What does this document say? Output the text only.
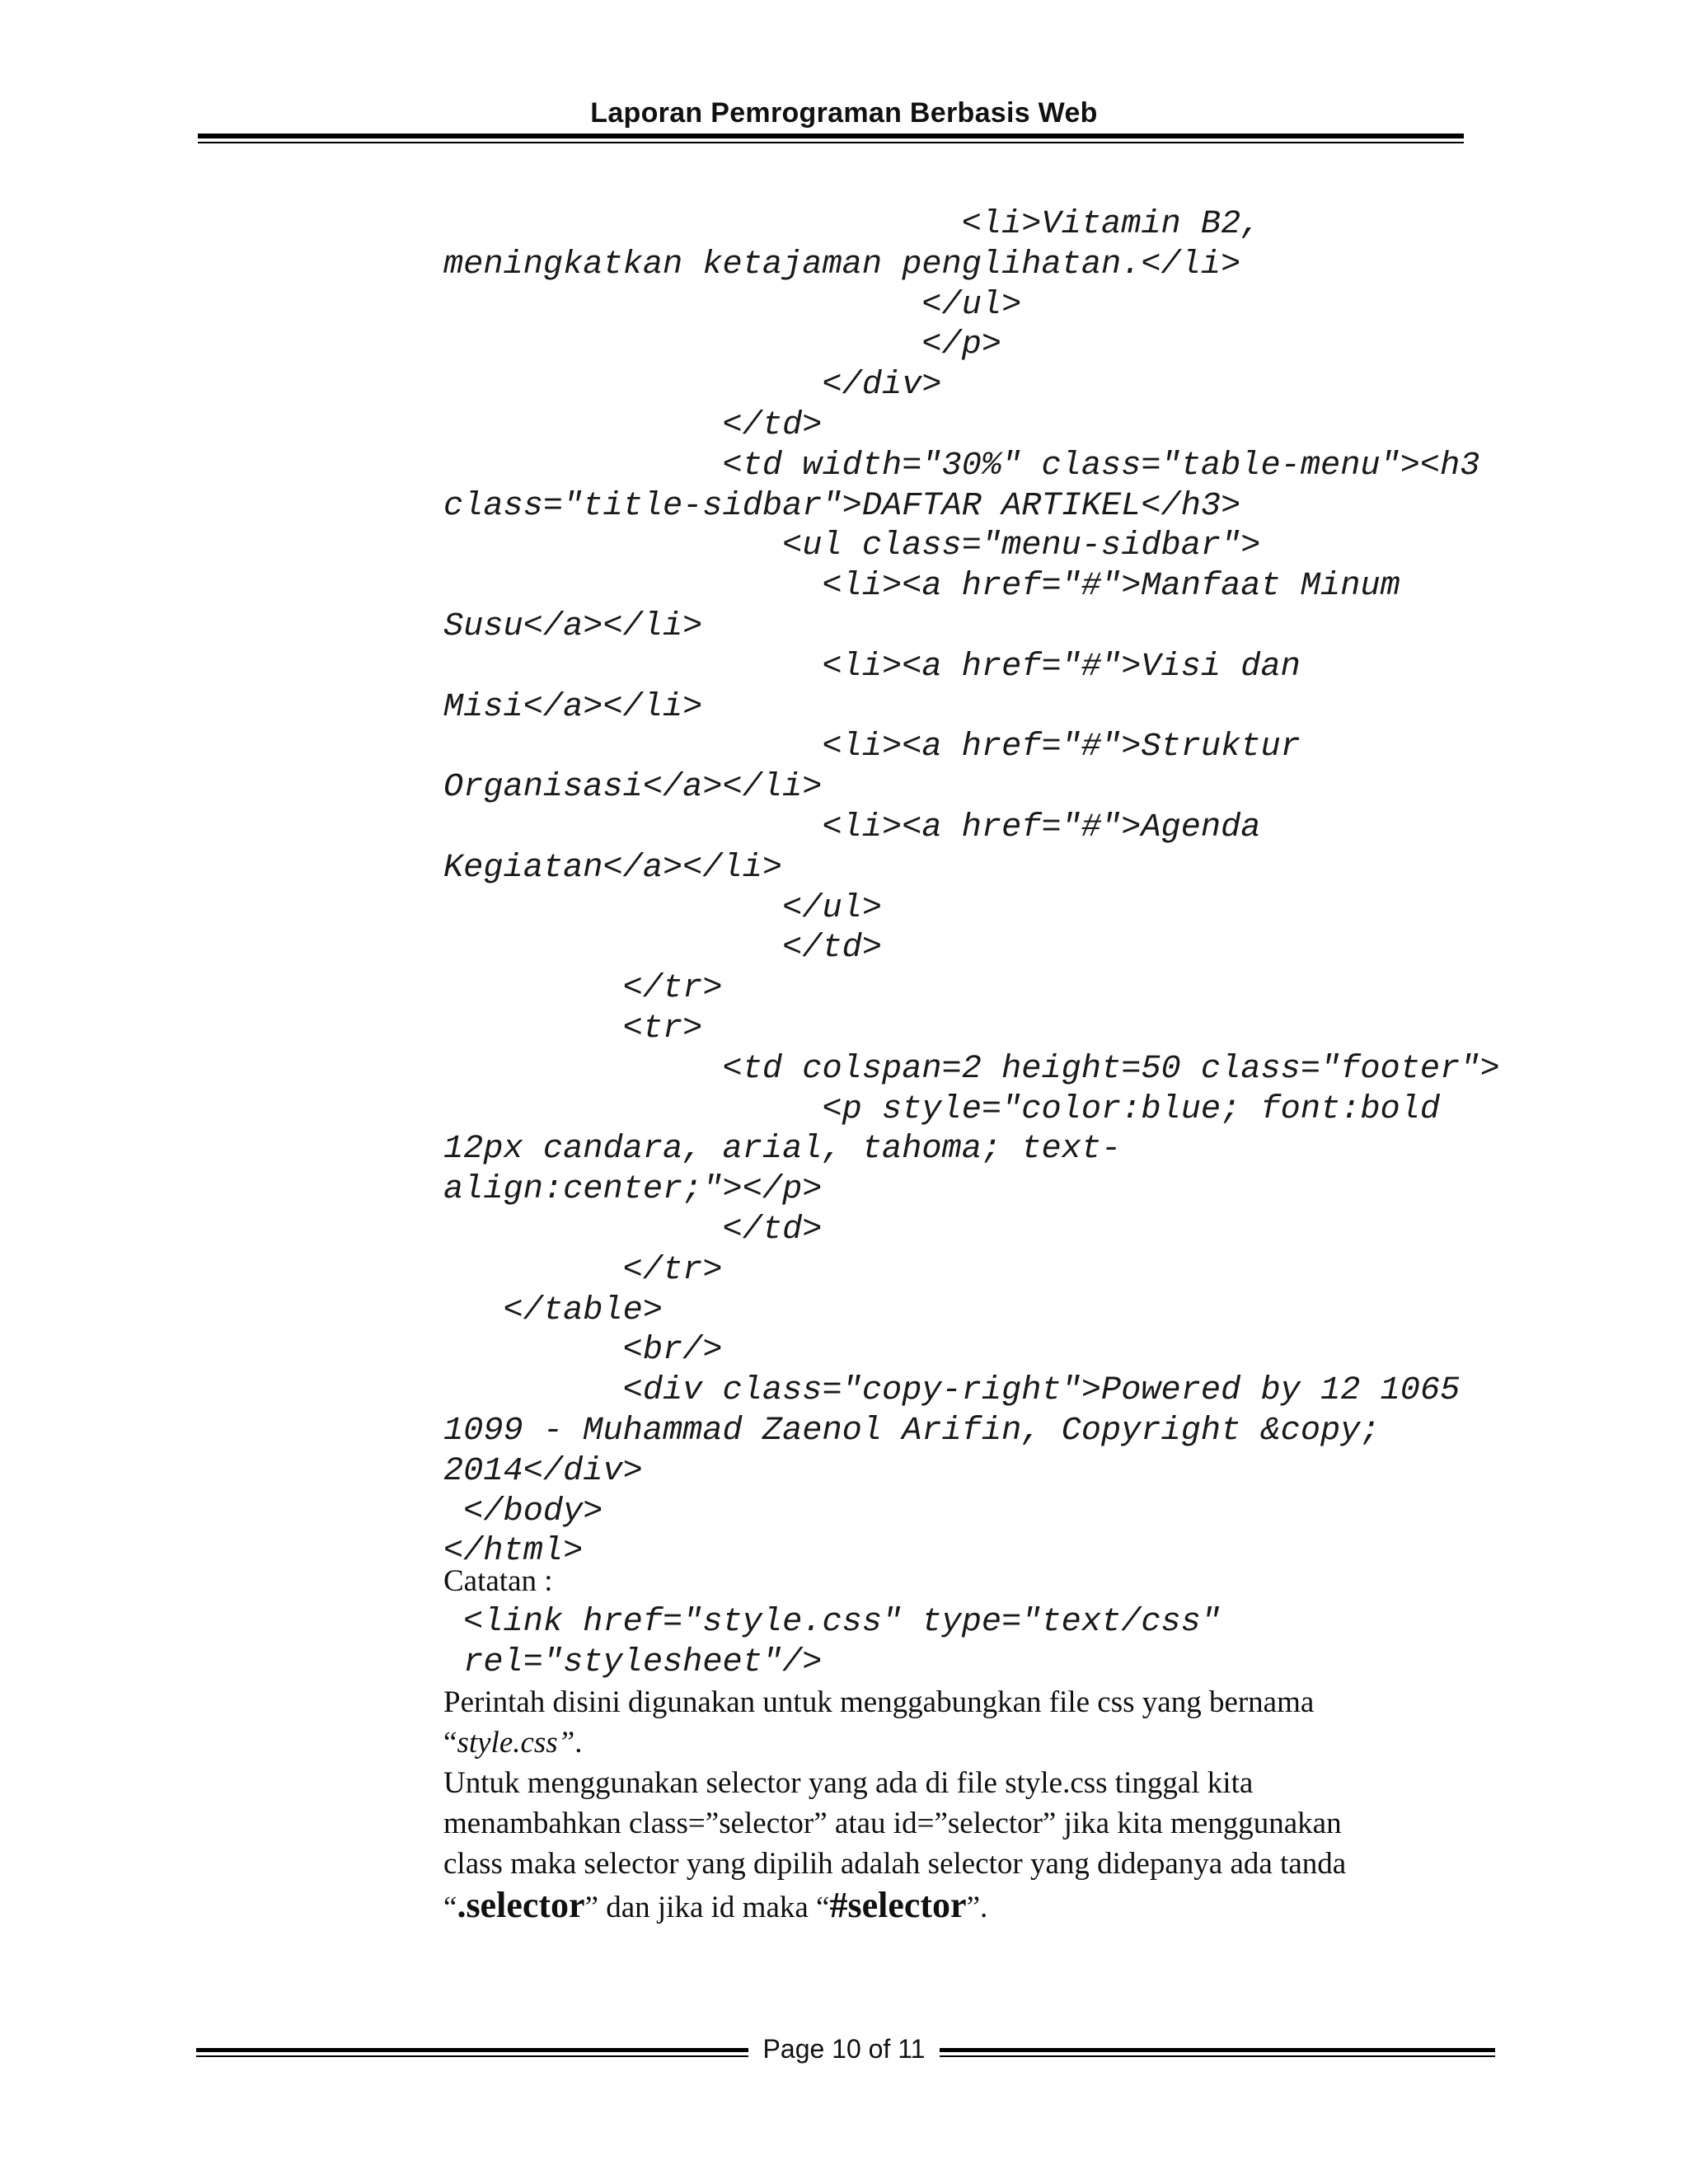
Laporan Pemrograman Berbasis Web
<li>Vitamin B2,
meningkatkan ketajaman penglihatan.</li>
</ul>
</p>
</div>
</td>
<td width="30%" class="table-menu"><h3
class="title-sidbar">DAFTAR ARTIKEL</h3>
<ul class="menu-sidbar">
<li><a href="#">Manfaat Minum
Susu</a></li>
<li><a href="#">Visi dan
Misi</a></li>
<li><a href="#">Struktur
Organisasi</a></li>
<li><a href="#">Agenda
Kegiatan</a></li>
</ul>
</td>
</tr>
<tr>
<td colspan=2 height=50 class="footer">
<p style="color:blue; font:bold
12px candara, arial, tahoma; text-
align:center;"></p>
</td>
</tr>
</table>
<br/>
<div class="copy-right">Powered by 12 1065
1099 - Muhammad Zaenol Arifin, Copyright &copy;
2014</div>
</body>
</html>
Catatan :
<link href="style.css" type="text/css"
rel="stylesheet"/>
Perintah disini digunakan untuk menggabungkan file css yang bernama
“style.css”.
Untuk menggunakan selector yang ada di file style.css tinggal kita
menambahkan class=”selector” atau id=”selector” jika kita menggunakan
class maka selector yang dipilih adalah selector yang didepanya ada tanda
“.selector” dan jika id maka “#selector”.
Page 10 of 11
